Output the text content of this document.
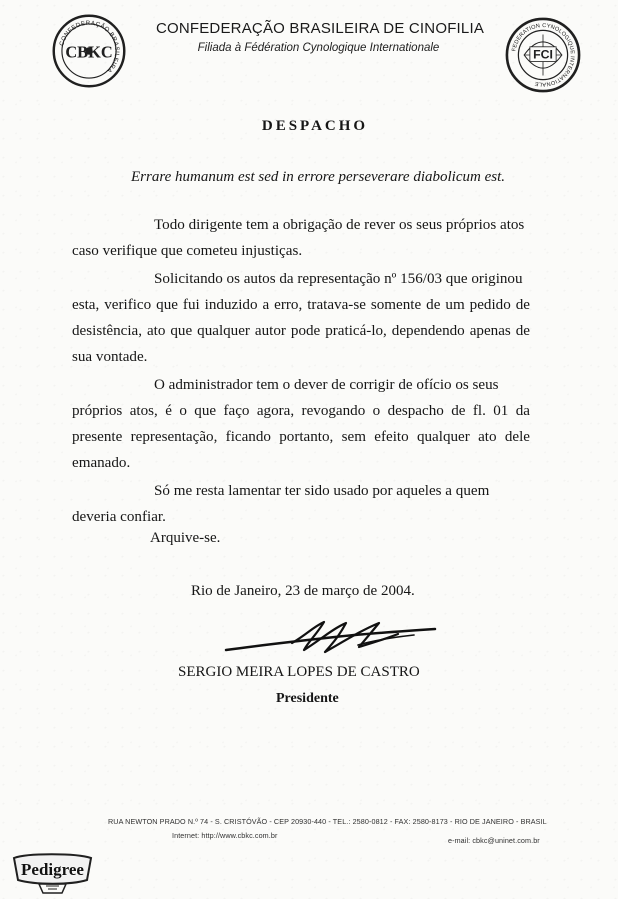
CONFEDERAÇÃO BRASILEIRA
CBKC
CONFEDERAÇÃO BRASILEIRA DE CINOFILIA
Filiada à Fédération Cynologique Internationale	FEDERATION CYNOLOGIQUE INTERNATIONALE
FCI
DESPACHO
Errare humanum est sed in errore perseverare diabolicum est.

Todo dirigente tem a obrigação de rever os seus próprios atos
caso verifique que cometeu injustiças.

Solicitando os autos da representação nº 156/03 que originou
esta, verifico que fui induzido a erro, tratava-se somente de um pedido de desistência, ato que qualquer autor pode praticá-lo, dependendo apenas de sua vontade.

O administrador tem o dever de corrigir de ofício os seus
próprios atos, é o que faço agora, revogando o despacho de fl. 01 da presente representação, ficando portanto, sem efeito qualquer ato dele emanado.

Só me resta lamentar ter sido usado por aqueles a quem
deveria confiar.

Arquive-se.
Rio de Janeiro, 23 de março de 2004.
SERGIO MEIRA LOPES DE CASTRO
Presidente
RUA NEWTON PRADO N.º 74 - S. CRISTÓVÃO - CEP 20930-440 - TEL.: 2580-0812 - FAX: 2580-8173 - RIO DE JANEIRO - BRASIL
Internet: http://www.cbkc.com.br
e-mail: cbkc@uninet.com.br
Pedigree
